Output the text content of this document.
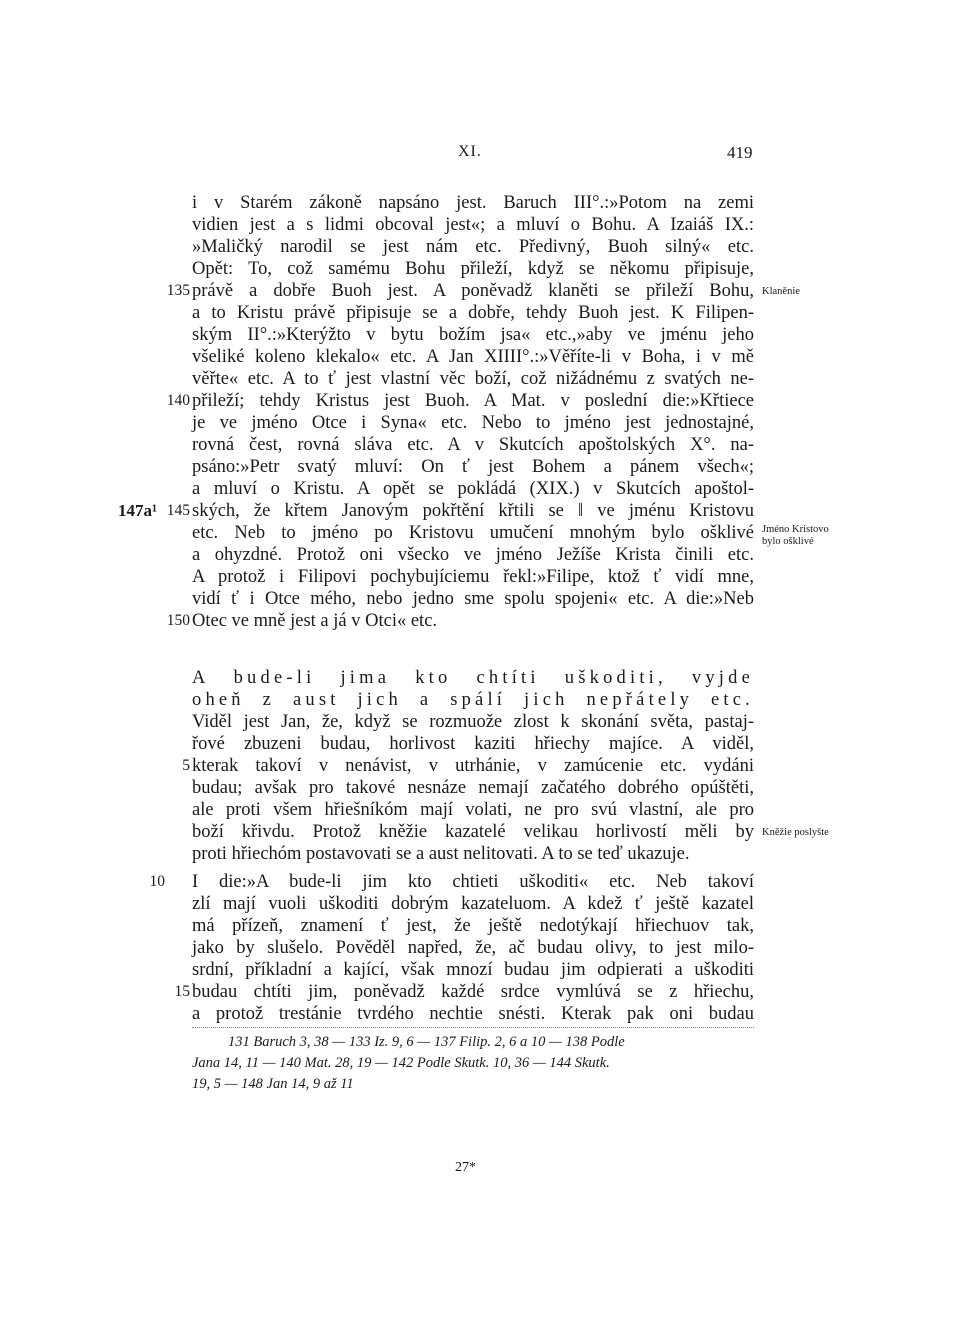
XI.	419
i v Starém zákoně napsáno jest. Baruch III°.:»Potom na zemi
vidien jest a s lidmi obcoval jest«; a mluví o Bohu. A Izaiáš IX.:
»Maličký narodil se jest nám etc. Předivný, Buoh silný« etc.
Opět: To, což samému Bohu přileží, když se někomu připisuje,
právě a dobře Buoh jest. A poněvadž klaněti se přileží Bohu,
a to Kristu právě připisuje se a dobře, tehdy Buoh jest. K Filipen-
ským II°.:»Kterýžto v bytu božím jsa« etc.,»aby ve jménu jeho
všeliké koleno klekalo« etc. A Jan XIIII°.:»Věříte-li v Boha, i v mě
věřte« etc. A to ť jest vlastní věc boží, což nižádnému z svatých ne-
přileží; tehdy Kristus jest Buoh. A Mat. v poslední die:»Křtiece
je ve jméno Otce i Syna« etc. Nebo to jméno jest jednostajné,
rovná čest, rovná sláva etc. A v Skutcích apoštolských X°. na-
psáno:»Petr svatý mluví: On ť jest Bohem a pánem všech«;
a mluví o Kristu. A opět se pokládá (XIX.) v Skutcích apoštol-
ských, že křtem Janovým pokřtění křtili se ‖ ve jménu Kristovu
etc. Neb to jméno po Kristovu umučení mnohým bylo ošklivé
a ohyzdné. Protož oni všecko ve jméno Ježíše Krista činili etc.
A protož i Filipovi pochybujíciemu řekl:»Filipe, ktož ť vidí mne,
vidí ť i Otce mého, nebo jedno sme spolu spojeni« etc. A die:»Neb
Otec ve mně jest a já v Otci« etc.
135
140
145
150
147a¹
Klaněnie
Jméno Kristovo
bylo ošklivé
A bude-li jima kto chtíti uškoditi, vyjde
oheň z aust jich a spálí jich nepřátely etc.
Viděl jest Jan, že, když se rozmuože zlost k skonání světa, pastaj-
řové zbuzeni budau, horlivost kaziti hřiechy majíce. A viděl,
kterak takoví v nenávist, v utrhánie, v zamúcenie etc. vydáni
budau; avšak pro takové nesnáze nemají začatého dobrého opúštěti,
ale proti všem hřiešníkóm mají volati, ne pro svú vlastní, ale pro
boží křivdu. Protož kněžie kazatelé velikau horlivostí měli by
proti hřiechóm postavovati se a aust nelitovati. A to se teď ukazuje.
I die:»A bude-li jim kto chtieti uškoditi« etc. Neb takoví
zlí mají vuoli uškoditi dobrým kazateluom. A kdež ť ještě kazatel
má přízeň, znamení ť jest, že ještě nedotýkají hřiechuov tak,
jako by slušelo. Pověděl napřed, že, ač budau olivy, to jest milo-
srdní, příkladní a kající, však mnozí budau jim odpierati a uškoditi
budau chtíti jim, poněvadž každé srdce vymlúvá se z hřiechu,
a protož trestánie tvrdého nechtie snésti. Kterak pak oni budau
5
10
15
Kněžie poslyšte
131 Baruch 3, 38 — 133 Iz. 9, 6 — 137 Filip. 2, 6 a 10 — 138 Podle
Jana 14, 11 — 140 Mat. 28, 19 — 142 Podle Skutk. 10, 36 — 144 Skutk.
19, 5 — 148 Jan 14, 9 až 11
27*
